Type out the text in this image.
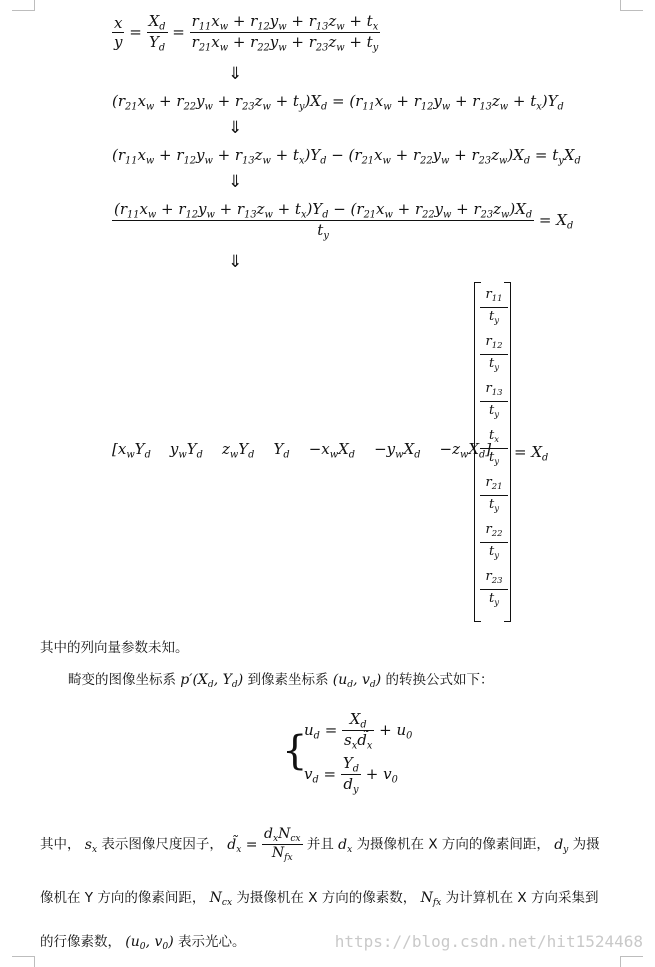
$\frac{x}{y} = \frac{X_d}{Y_d} = \frac{r_{11}x_w + r_{12}y_w + r_{13}z_w + t_x}{r_{21}x_w + r_{22}y_w + r_{23}z_w + t_y}$
⇓
$(r_{21}x_w + r_{22}y_w + r_{23}z_w + t_y)X_d = (r_{11}x_w + r_{12}y_w + r_{13}z_w + t_x)Y_d$
⇓
$(r_{11}x_w + r_{12}y_w + r_{13}z_w + t_x)Y_d - (r_{21}x_w + r_{22}y_w + r_{23}z_w)X_d = t_yX_d$
⇓
$\frac{(r_{11}x_w + r_{12}y_w + r_{13}z_w + t_x)Y_d - (r_{21}x_w + r_{22}y_w + r_{23}z_w)X_d}{t_y} = X_d$
⇓
[$x_wY_d$    $y_wY_d$    $z_wY_d$    $Y_d$    $-x_wX_d$    $-y_wX_d$    $-z_wX_d$]
$r_{11}$
$t_y$
$r_{12}$
$t_y$
$r_{13}$
$t_y$
$t_x$
$t_y$
$r_{21}$
$t_y$
$r_{22}$
$t_y$
$r_{23}$
$t_y$
= $X_d$
其中的列向量参数未知。
畸变的图像坐标系 $p'(X_d$, $Y_d$) 到像素坐标系 ($u_d$, $v_d$) 的转换公式如下：
{
$u_d = \frac{X_d}{s_xd̃_x} + u_0$
$v_d = \frac{Y_d}{d_y} + v_0$
其中， $s_x$ 表示图像尺度因子， $d̃_x = \frac{d_xN_{cx}}{N_{fx}}$ 并且 $d_x$ 为摄像机在 X 方向的像素间距， $d_y$ 为摄
像机在 Y 方向的像素间距， $N_{cx}$ 为摄像机在 X 方向的像素数， $N_{fx}$ 为计算机在 X 方向采集到
的行像素数， ($u_0$, $v_0$) 表示光心。	https://blog.csdn.net/hit1524468
